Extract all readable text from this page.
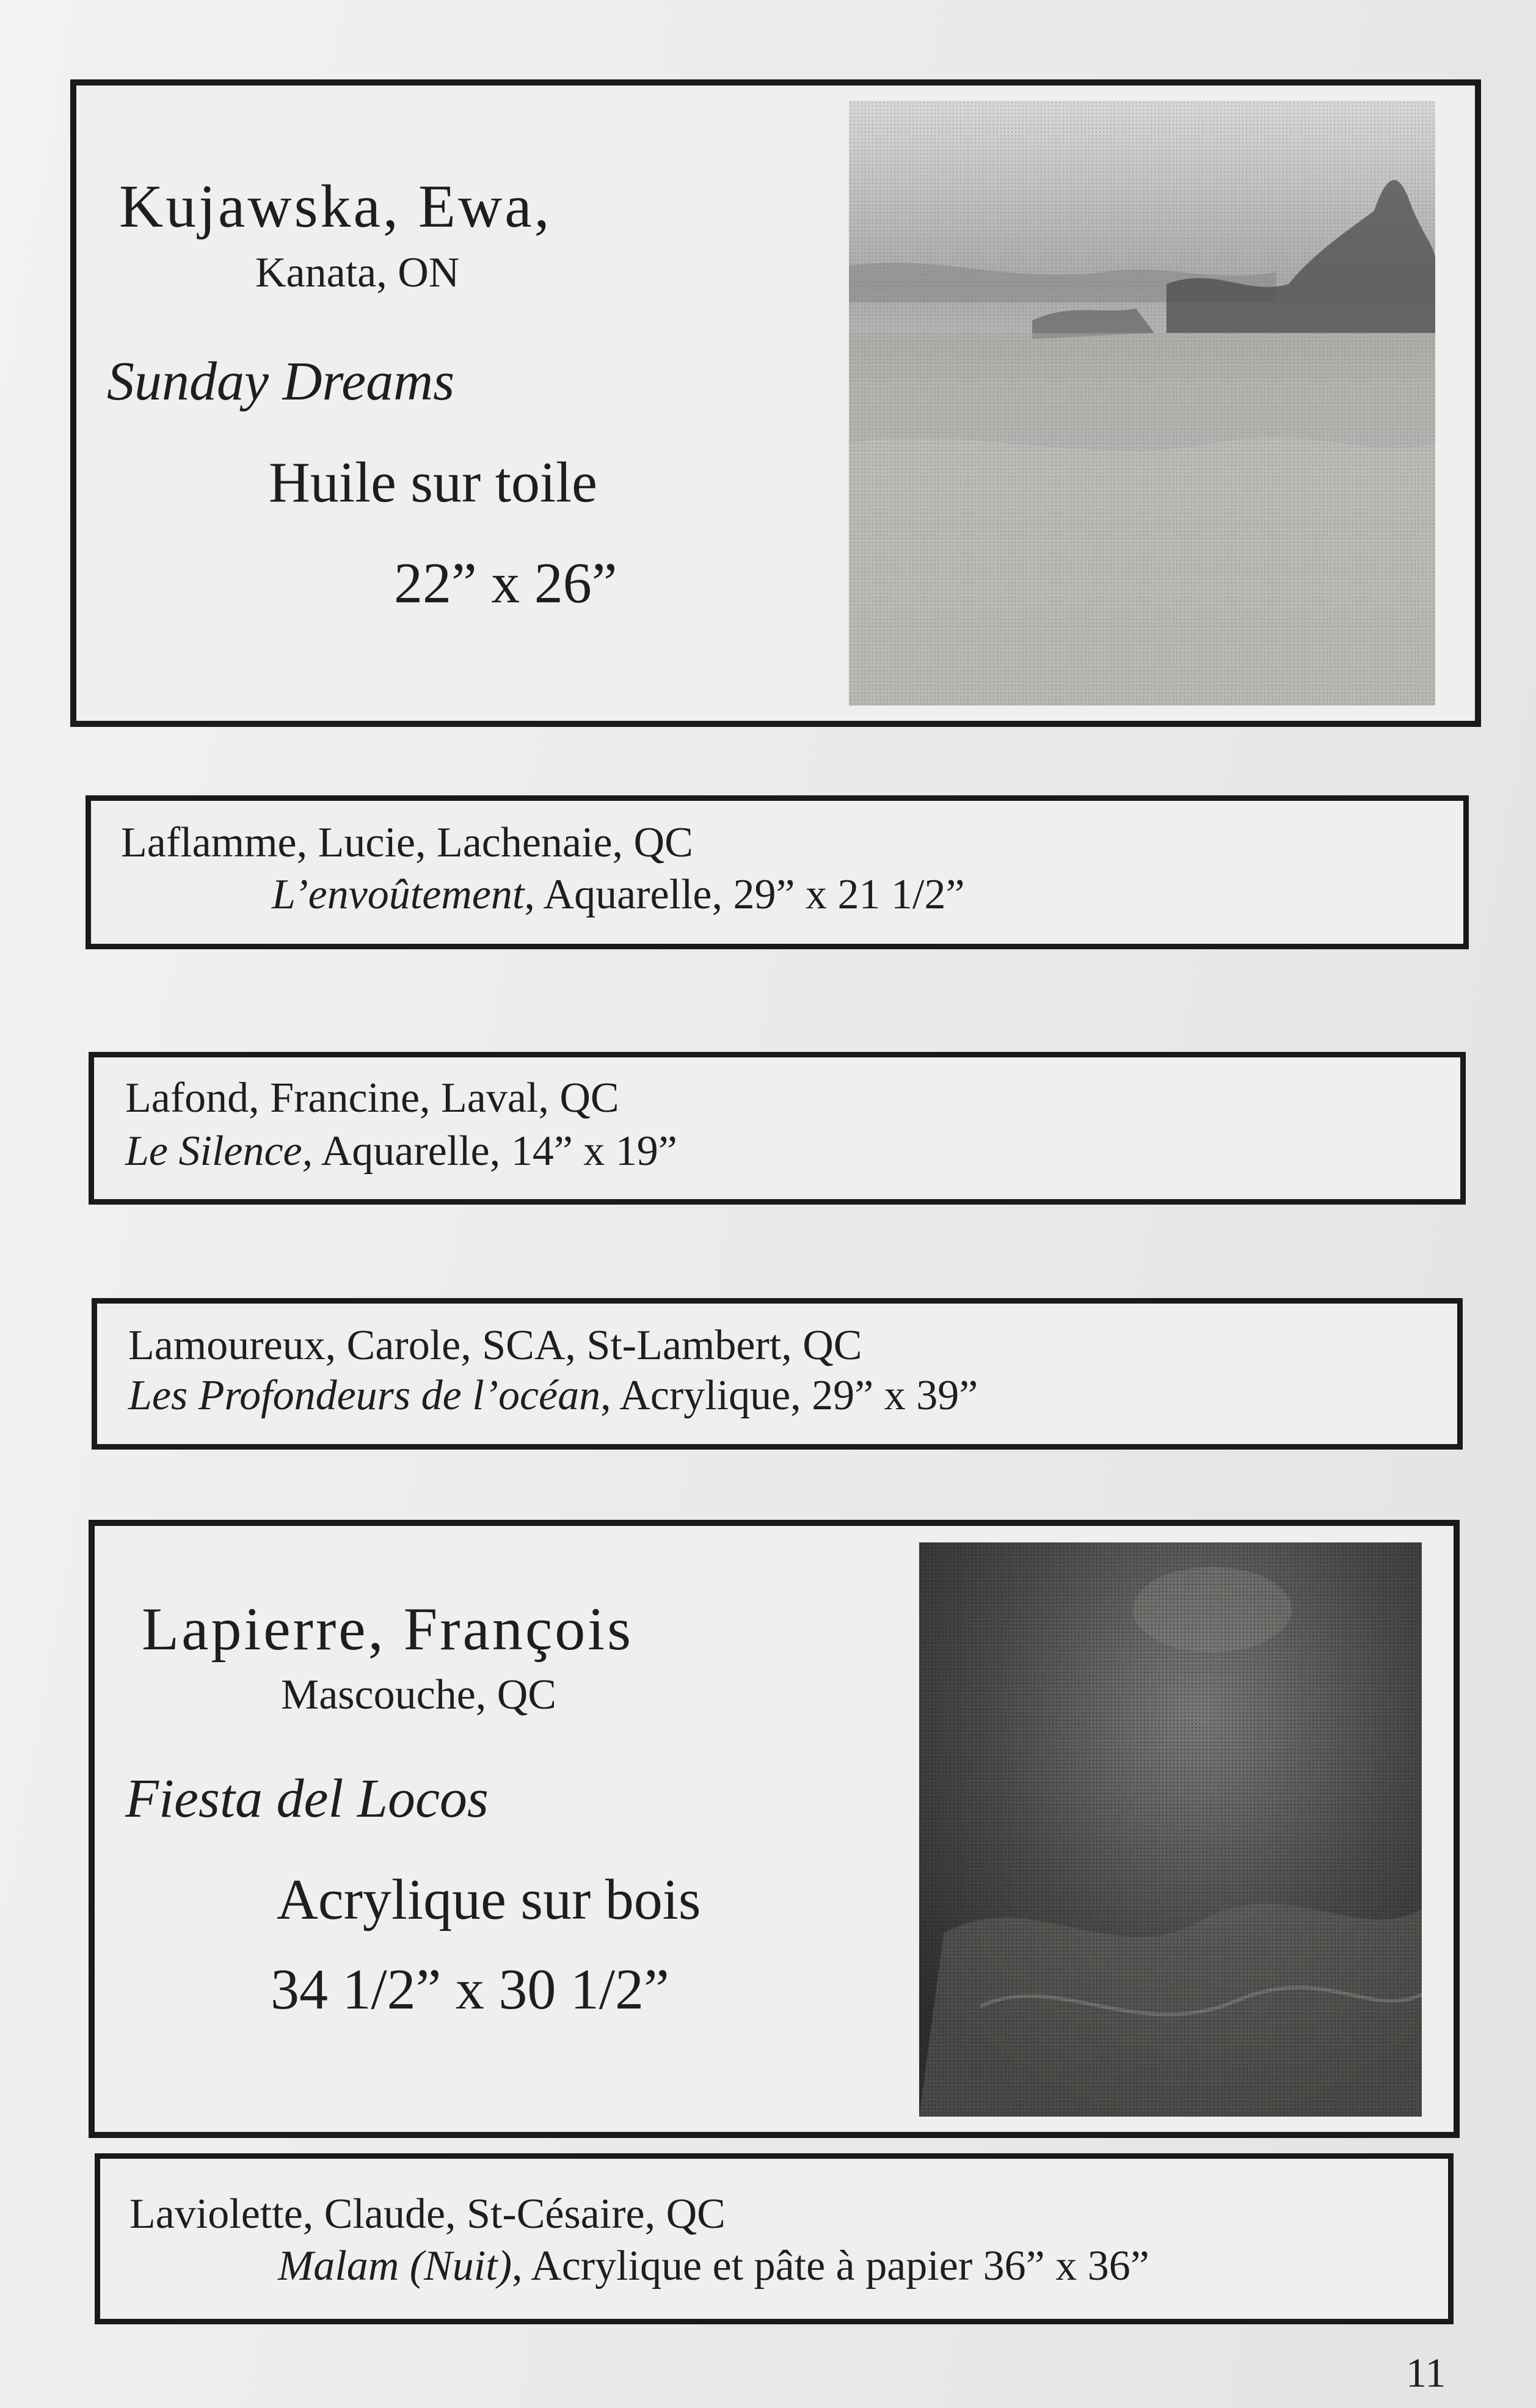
Kujawska, Ewa,
Kanata, ON
Sunday Dreams
Huile sur toile
22” x 26”
Laflamme, Lucie, Lachenaie, QC
L’envoûtement, Aquarelle, 29” x 21 1/2”
Lafond, Francine, Laval, QC
Le Silence, Aquarelle, 14” x 19”
Lamoureux, Carole, SCA, St-Lambert, QC
Les Profondeurs de l’océan, Acrylique, 29” x 39”
Lapierre, François
Mascouche, QC
Fiesta del Locos
Acrylique sur bois
34 1/2” x 30 1/2”
Laviolette, Claude, St-Césaire, QC
Malam (Nuit), Acrylique et pâte à papier 36” x 36”
11
